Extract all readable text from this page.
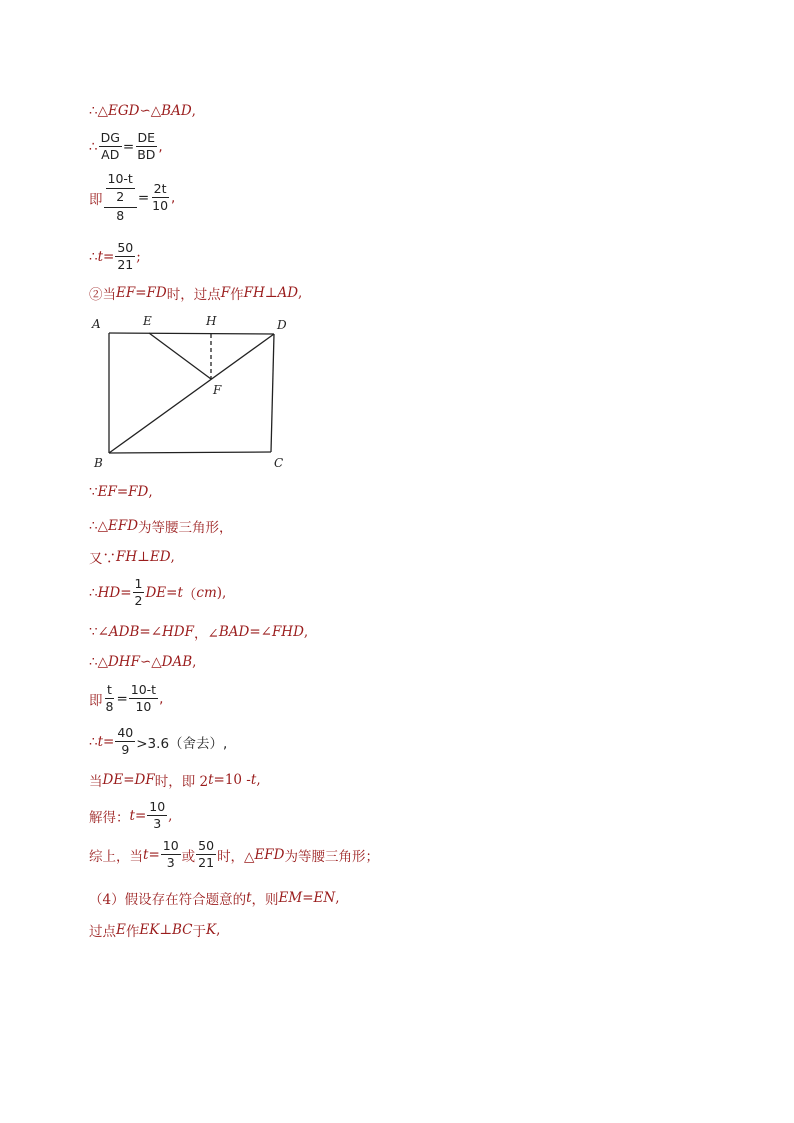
∴△ EGD ∽△ BAD ,
∴ $\frac{DG}{AD} = \frac{DE}{BD}$ ,
即 $\frac{\frac{10-t}{2}}{8} = \frac{2t}{10}$ ,
∴ $t = \frac{50}{21}$ ;
②当 EF = FD 时，过点 F 作 FH ⊥ AD ,
A	E	H	D
F
B	C
∵ EF = FD ,
∴△ EFD 为等腰三角形，
又∵ FH ⊥ ED ,
∴ HD = $\frac{1}{2}$ DE = t （ cm ),
∵∠ ADB =∠ HDF ，∠ BAD =∠ FHD ,
∴△ DHF ∽△ DAB ,
即 $\frac{t}{8} = \frac{10-t}{10}$ ,
∴ $t = \frac{40}{9} >3.6$（舍去）,
当 DE = DF 时，即 2 t =10 - t ,
解得： $t = \frac{10}{3}$ ,
综上，当 $t = \frac{10}{3}$ 或 $\frac{50}{21}$ 时，△ EFD 为等腰三角形；
（4）假设存在符合题意的 t ，则 EM = EN ,
过点 E 作 EK ⊥ BC 于 K ,
